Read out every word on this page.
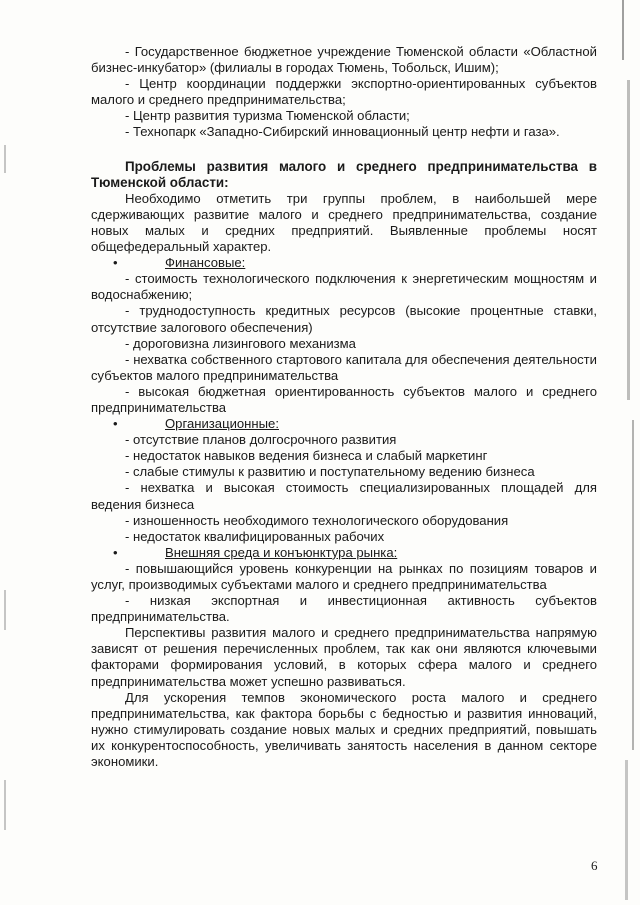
- Государственное бюджетное учреждение Тюменской области «Областной бизнес-инкубатор» (филиалы в городах Тюмень, Тобольск, Ишим);

- Центр координации поддержки экспортно-ориентированных субъектов малого и среднего предпринимательства;

- Центр развития туризма Тюменской области;

- Технопарк «Западно-Сибирский инновационный центр нефти и газа».

Проблемы развития малого и среднего предпринимательства в Тюменской области:

Необходимо отметить три группы проблем, в наибольшей мере сдерживающих развитие малого и среднего предпринимательства, создание новых малых и средних предприятий. Выявленные проблемы носят общефедеральный характер.

•	Финансовые:

- стоимость технологического подключения к энергетическим мощностям и водоснабжению;

- труднодоступность кредитных ресурсов (высокие процентные ставки, отсутствие залогового обеспечения)

- дороговизна лизингового механизма

- нехватка собственного стартового капитала для обеспечения деятельности субъектов малого предпринимательства

- высокая бюджетная ориентированность субъектов малого и среднего предпринимательства

•	Организационные:

- отсутствие планов долгосрочного развития

- недостаток навыков ведения бизнеса и слабый маркетинг

- слабые стимулы к развитию и поступательному ведению бизнеса

- нехватка и высокая стоимость специализированных площадей для ведения бизнеса

- изношенность необходимого технологического оборудования

- недостаток квалифицированных рабочих

•	Внешняя среда и конъюнктура рынка:

- повышающийся уровень конкуренции на рынках по позициям товаров и услуг, производимых субъектами малого и среднего предпринимательства

- низкая экспортная и инвестиционная активность субъектов предпринимательства.

Перспективы развития малого и среднего предпринимательства напрямую зависят от решения перечисленных проблем, так как они являются ключевыми факторами формирования условий, в которых сфера малого и среднего предпринимательства может успешно развиваться.

Для ускорения темпов экономического роста малого и среднего предпринимательства, как фактора борьбы с бедностью и развития инноваций, нужно стимулировать создание новых малых и средних предприятий, повышать их конкурентоспособность, увеличивать занятость населения в данном секторе экономики.

6
